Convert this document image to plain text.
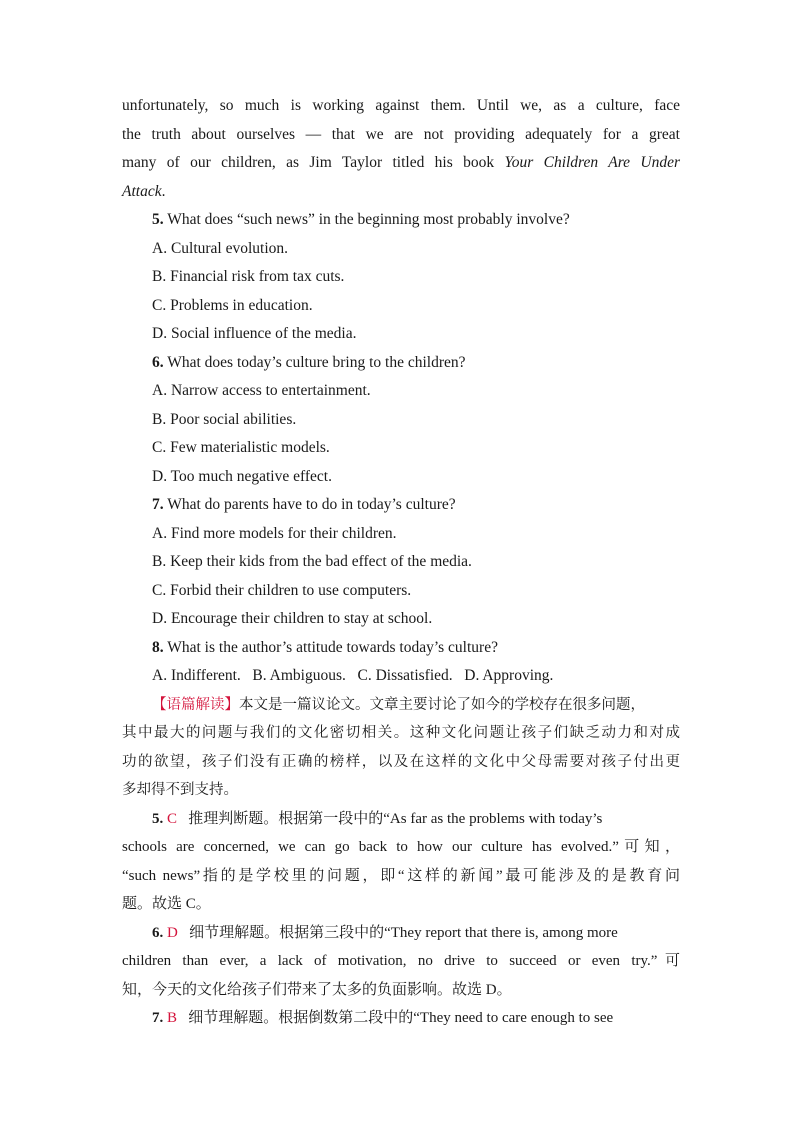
unfortunately, so much is working against them. Until we, as a culture, face
the truth about ourselves — that we are not providing adequately for a great
many of our children, as Jim Taylor titled his book Your Children Are Under
Attack.
5. What does “such news” in the beginning most probably involve?
A. Cultural evolution.
B. Financial risk from tax cuts.
C. Problems in education.
D. Social influence of the media.
6. What does today’s culture bring to the children?
A. Narrow access to entertainment.
B. Poor social abilities.
C. Few materialistic models.
D. Too much negative effect.
7. What do parents have to do in today’s culture?
A. Find more models for their children.
B. Keep their kids from the bad effect of the media.
C. Forbid their children to use computers.
D. Encourage their children to stay at school.
8. What is the author’s attitude towards today’s culture?
A. Indifferent.   B. Ambiguous.   C. Dissatisfied.   D. Approving.
【语篇解读】本文是一篇议论文。文章主要讨论了如今的学校存在很多问题，
其中最大的问题与我们的文化密切相关。这种文化问题让孩子们缺乏动力和对成
功的欲望，孩子们没有正确的榜样，以及在这样的文化中父母需要对孩子付出更
多却得不到支持。
5. C 推理判断题。根据第一段中的“As far as the problems with today’s
schools are concerned, we can go back to how our culture has evolved.”可知，
“such news”指的是学校里的问题，即“这样的新闻”最可能涉及的是教育问
题。故选 C。
6. D 细节理解题。根据第三段中的“They report that there is, among more
children than ever, a lack of motivation, no drive to succeed or even try.”可
知，今天的文化给孩子们带来了太多的负面影响。故选 D。
7. B 细节理解题。根据倒数第二段中的“They need to care enough to see
